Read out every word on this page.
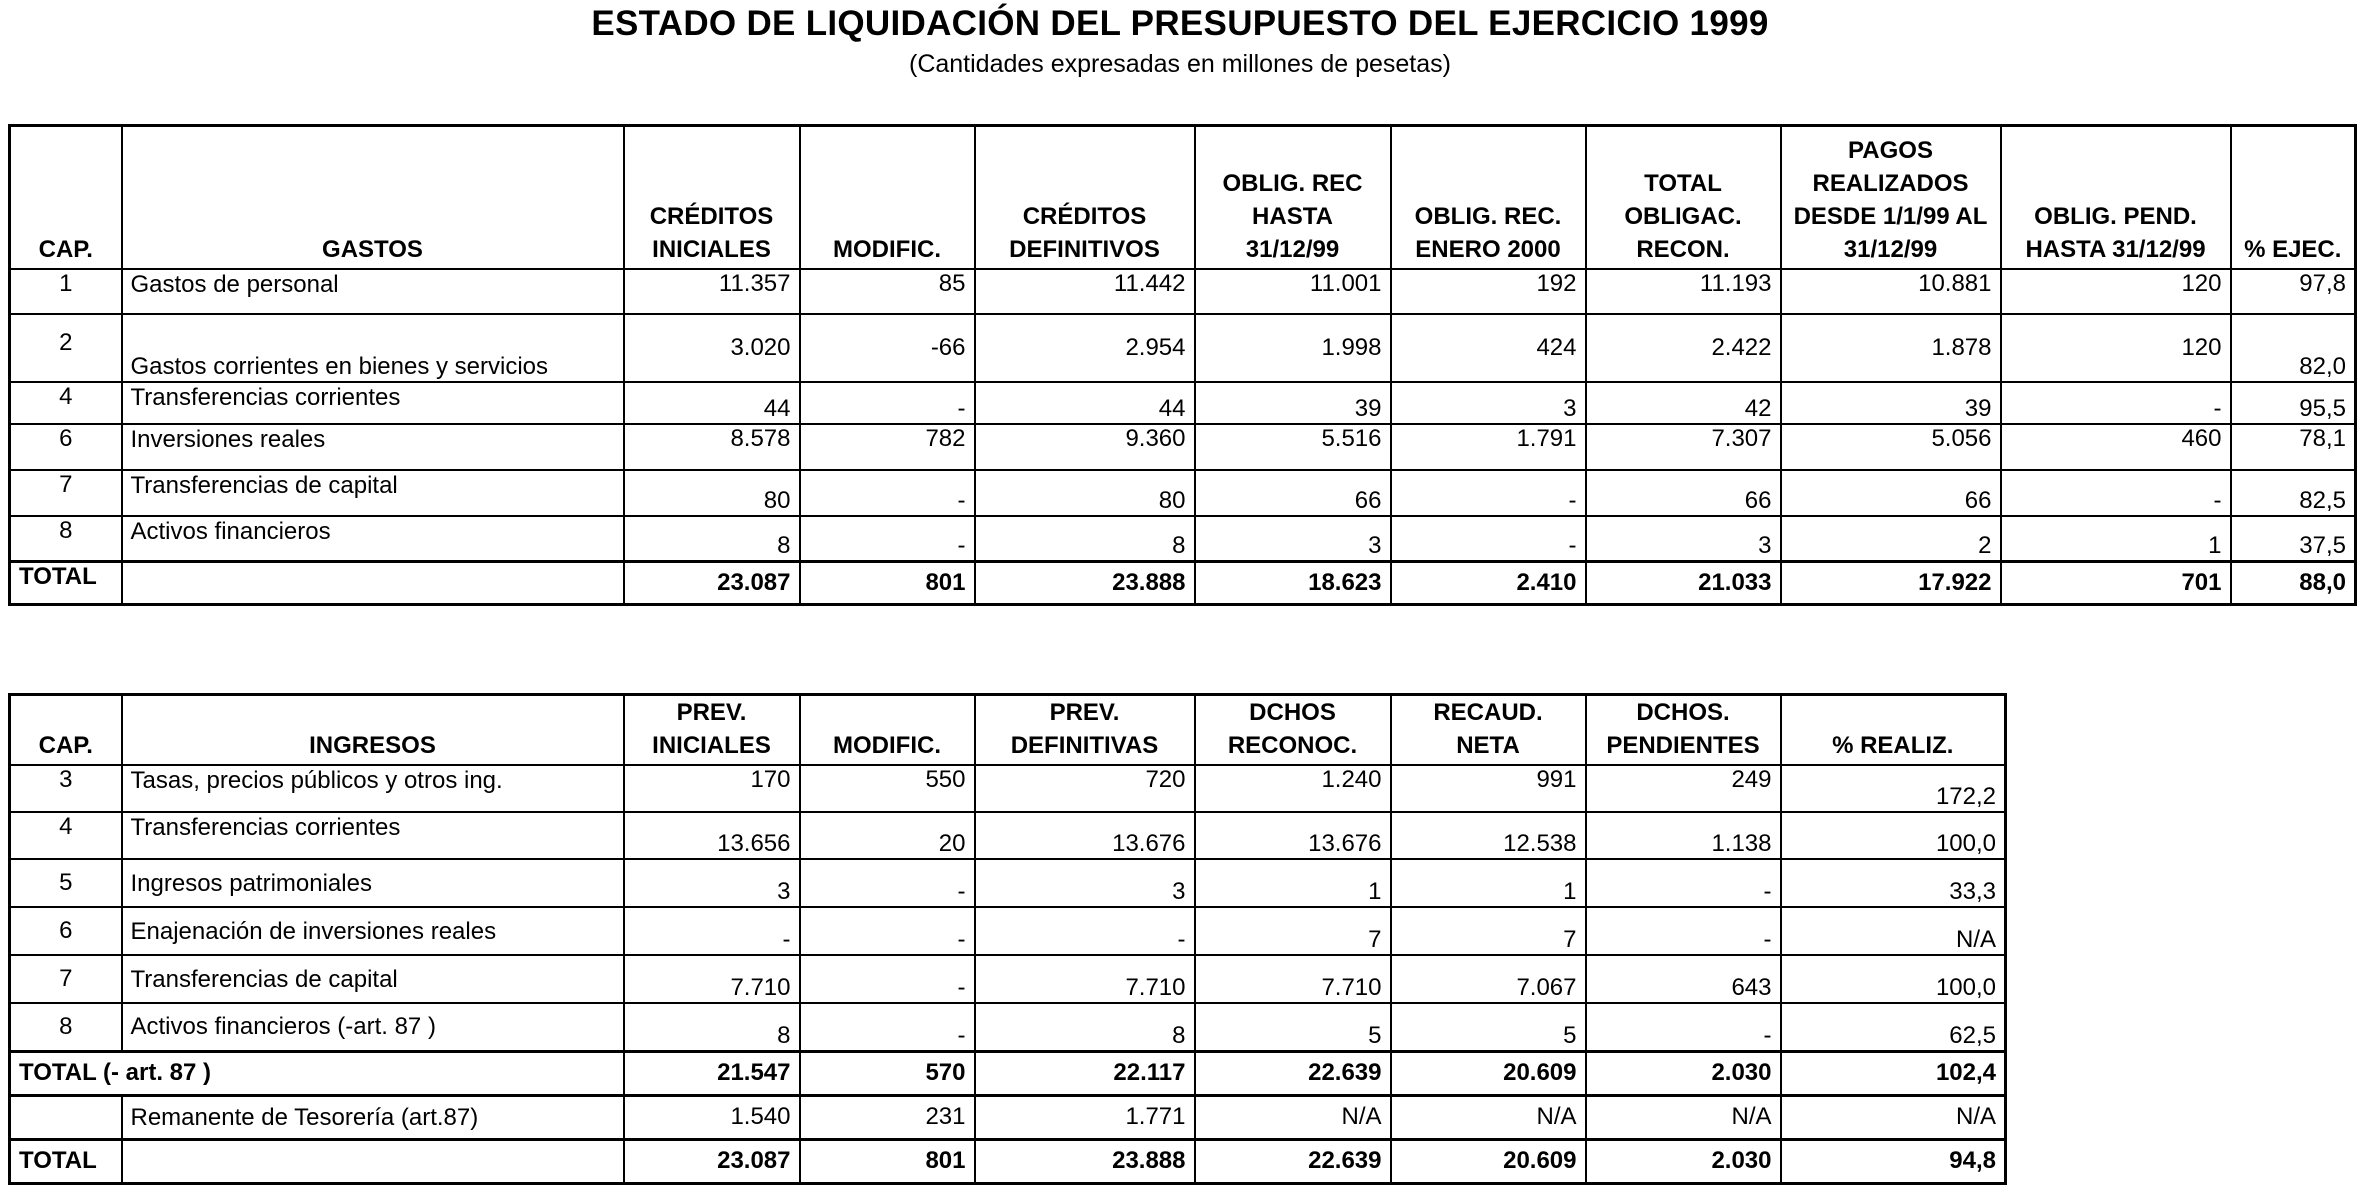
ESTADO DE LIQUIDACIÓN DEL PRESUPUESTO DEL EJERCICIO 1999
(Cantidades expresadas en millones de pesetas)
CAP.	GASTOS	CRÉDITOS INICIALES	MODIFIC.	CRÉDITOS DEFINITIVOS	OBLIG. REC HASTA 31/12/99	OBLIG. REC. ENERO 2000	TOTAL OBLIGAC. RECON.	PAGOS REALIZADOS DESDE 1/1/99 AL 31/12/99	OBLIG. PEND. HASTA 31/12/99	% EJEC.
1	Gastos de personal	11.357	85	11.442	11.001	192	11.193	10.881	120	97,8
2	Gastos corrientes en bienes y servicios	3.020	-66	2.954	1.998	424	2.422	1.878	120	82,0
4	Transferencias corrientes	44	-	44	39	3	42	39	-	95,5
6	Inversiones reales	8.578	782	9.360	5.516	1.791	7.307	5.056	460	78,1
7	Transferencias de capital	80	-	80	66	-	66	66	-	82,5
8	Activos financieros	8	-	8	3	-	3	2	1	37,5
TOTAL		23.087	801	23.888	18.623	2.410	21.033	17.922	701	88,0
CAP.	INGRESOS	PREV. INICIALES	MODIFIC.	PREV. DEFINITIVAS	DCHOS RECONOC.	RECAUD. NETA	DCHOS. PENDIENTES	% REALIZ.
3	Tasas, precios públicos y otros ing.	170	550	720	1.240	991	249	172,2
4	Transferencias corrientes	13.656	20	13.676	13.676	12.538	1.138	100,0
5	Ingresos patrimoniales	3	-	3	1	1	-	33,3
6	Enajenación de inversiones reales	-	-	-	7	7	-	N/A
7	Transferencias de capital	7.710	-	7.710	7.710	7.067	643	100,0
8	Activos financieros (-art. 87 )	8	-	8	5	5	-	62,5
TOTAL (- art. 87 )		21.547	570	22.117	22.639	20.609	2.030	102,4
	Remanente de Tesorería (art.87)	1.540	231	1.771	N/A	N/A	N/A	N/A
TOTAL		23.087	801	23.888	22.639	20.609	2.030	94,8
